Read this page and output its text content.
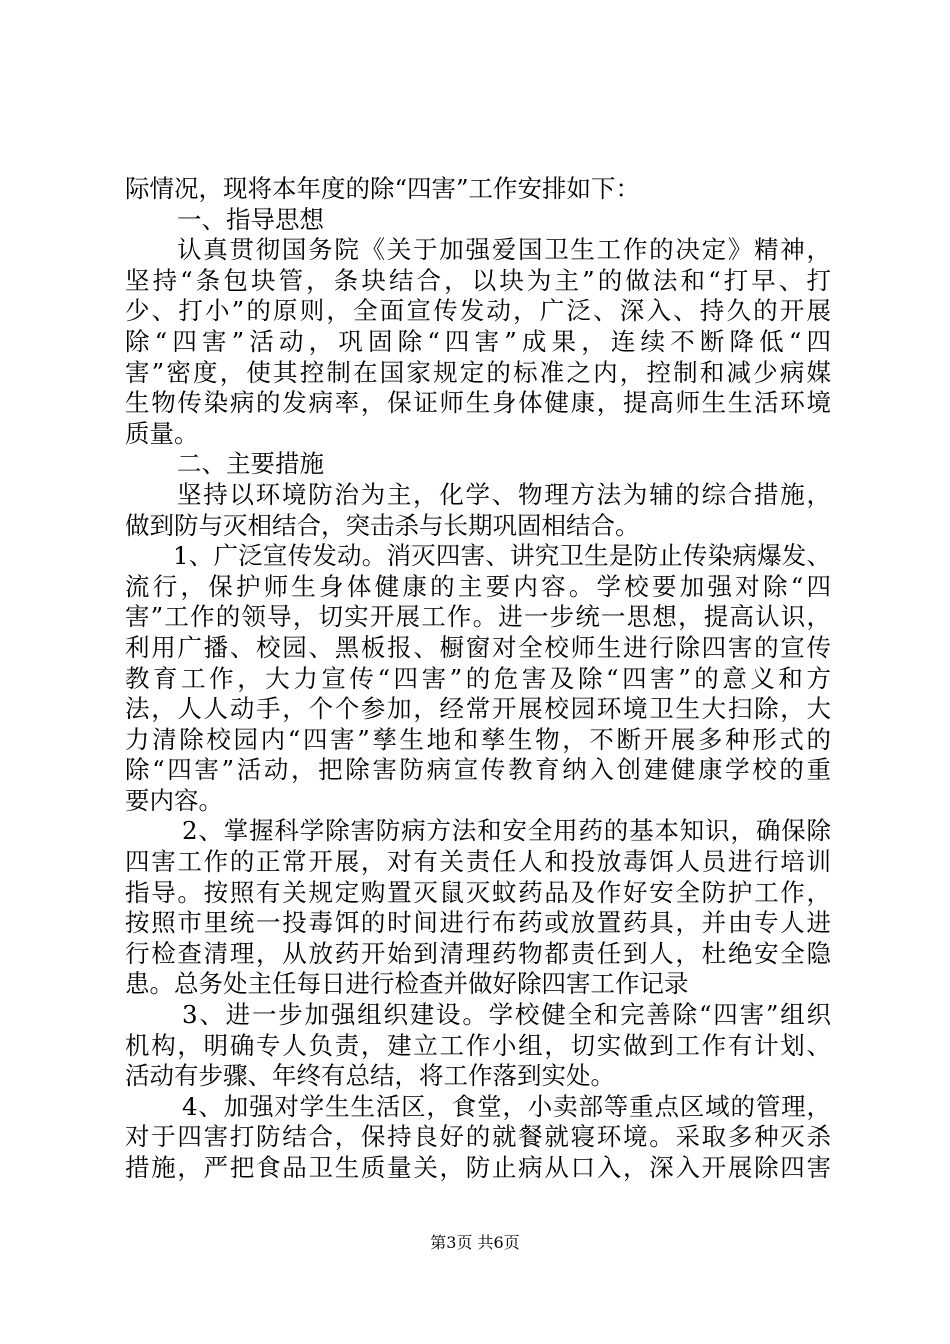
际情况，现将本年度的除“四害”工作安排如下：
一、指导思想
认真贯彻国务院《关于加强爱国卫生工作的决定》精神，
坚持“条包块管，条块结合，以块为主”的做法和“打早、打
少、打小”的原则，全面宣传发动，广泛、深入、持久的开展
除“四害”活动，巩固除“四害”成果，连续不断降低“四
害”密度，使其控制在国家规定的标准之内，控制和减少病媒
生物传染病的发病率，保证师生身体健康，提高师生生活环境
质量。
二、主要措施
坚持以环境防治为主，化学、物理方法为辅的综合措施，
做到防与灭相结合，突击杀与长期巩固相结合。
1、广泛宣传发动。消灭四害、讲究卫生是防止传染病爆发、
流行，保护师生身体健康的主要内容。学校要加强对除“四
害”工作的领导，切实开展工作。进一步统一思想，提高认识，
利用广播、校园、黑板报、橱窗对全校师生进行除四害的宣传
教育工作，大力宣传“四害”的危害及除“四害”的意义和方
法，人人动手，个个参加，经常开展校园环境卫生大扫除，大
力清除校园内“四害”孳生地和孳生物，不断开展多种形式的
除“四害”活动，把除害防病宣传教育纳入创建健康学校的重
要内容。
2、掌握科学除害防病方法和安全用药的基本知识，确保除
四害工作的正常开展，对有关责任人和投放毒饵人员进行培训
指导。按照有关规定购置灭鼠灭蚊药品及作好安全防护工作，
按照市里统一投毒饵的时间进行布药或放置药具，并由专人进
行检查清理，从放药开始到清理药物都责任到人，杜绝安全隐
患。总务处主任每日进行检查并做好除四害工作记录
3、进一步加强组织建设。学校健全和完善除“四害”组织
机构，明确专人负责，建立工作小组，切实做到工作有计划、
活动有步骤、年终有总结，将工作落到实处。
4、加强对学生生活区，食堂，小卖部等重点区域的管理，
对于四害打防结合，保持良好的就餐就寝环境。采取多种灭杀
措施，严把食品卫生质量关，防止病从口入，深入开展除四害
第3页 共6页
